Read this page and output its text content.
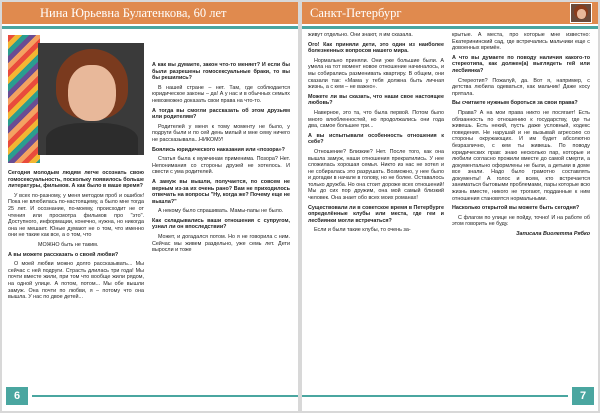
Нина Юрьевна Булатенкова, 60 лет

Сегодня молодым людям легче осознать свою гомосексуальность, поскольку появилось больше литературы, фильмов. А как было в ваше время?

У всех по-разному, у меня методом проб и ошибок! Пока не влюбилась по-настоящему, а было мне тогда 25 лет. И осознание, по-моему, происходит не от чтения или просмотра фильмов про "это". Доступного, информации, конечно, нужна, но никогда она не мешает. Юные думают не о том, что именно они не такие как все, а о том, что

МОЖНО быть не таким.

А вы можете рассказать о своей любви?

О моей любви можно долго рассказывать... Мы сейчас с ней подруги. Страсть длилась три года! Мы почти вместе жили, при том что вообще жили рядом, на одной улице. А потом, потом... Мы обе вышли замуж. Она почти по любви, я – потому что она вышла. У нас по двое детей...

А как вы думаете, закон что-то меняет? И если бы были разрешены гомосексуальные браки, то вы бы решились?

В нашей стране – нет. Там, где соблюдается юридическое законы – да! А у нас и в обычных семьях невозможно доказать свои права на что-то.

А тогда вы смогли рассказать об этом друзьям или родителям?

Родителей у меня к тому моменту не было, у подруги были и по сей день милый и мне сему ничего не рассказывала...НИКОМУ!

Боялись юридического наказания или «позора»?

Статья была к мужчинам применима. Позора? Нет. Непонимания со стороны друзей не хотелось. И свести с ума родителей.

А замуж вы вышли, получается, по совсем не верным из-за их очень рано? Вам не приходилось отвечать на вопросы "Ну, когда же? Почему еще не вышла?"

А некому было спрашивать. Мамы-папы не было.

Как складывались ваши отношения с супругом, узнал ли он впоследствии?

Может, и догадался потом. Но я не говорила с ним. Сейчас мы живем раздельно, уже семь лет. Дети выросли и тоже

6
Санкт-Петербург

живут отдельно. Они знают, я им сказала.

Ого! Как приняли дети, это один из наиболее болезненных вопросов нашего мира.

Нормально приняли. Они уже большие были. А умела на тот момент новое отношение начиналось, и мы собирались разменивать квартиру. В общем, они сказали так: «Мама у тебя должна быть личная жизнь, а с кем – не важно».

Можете ли вы сказать, что наши свое настоящее любовь?

Наверное, это та, что была первой. Потом было много влюбленностей, но продолжались они года два, самое большее три...

А вы испытывали особенность отношения к себе?

Отношение? Близкие? Нет. После того, как она вышла замуж, наши отношения прекратились. У нее сложилась хорошая семья. Никто из нас не хотел и не собиралась это разрушать. Возможно, у нее было и догадки в начале в голову, но не более. Оставалось только дружба. Но она стоит дороже всех отношений! Мы до сих пор дружим, она мой самый близкий человек. Она знает обо всех моих романах!

Существовали ли в советское время в Петербурге определённые клубы или места, где геи и лесбиянки могли встречаться?

Если и были такие клубы, то очень за-

крытые. А места, про которые мне известно: Екатерининский сад, где встречались мальчики еще с довоенных времён.

А что вы думаете по поводу наличия какого-то стереотипа, как должен(а) выглядеть гей или лесбиянка?

Стереотип? Пожалуй, да. Вот я, например, с детства любила одеваться, как мальчик! Даже косу прятала.

Вы считаете нужным бороться за свои права?

Права? А на мои права никто не посягает! Есть обязанность по отношению к государству, где ты живешь. Есть некий, пусть даже условный, кодекс поведения. Не нарушай и не вызывай агрессию со стороны окружающих. И им будет абсолютно безразлично, с кем ты живешь. По поводу юридических прав: знаю несколько пар, которые и любили согласно прожили вместе до самой смерти, а документально оформлены не были, а детьми в доме все знали. Надо было грамотно составлять документы! А голос и всем, кто встречается заниматься бытовыми проблемами, пары которые всю жизнь вместе, никого не трогают, подданные к ним отношения становятся нормальными.

Насколько открытой вы можете быть сегодня?

С флагом по улице не пойду, точно! И на работе об этом говорить не буду.

Записала Виолетта Рябко

7
